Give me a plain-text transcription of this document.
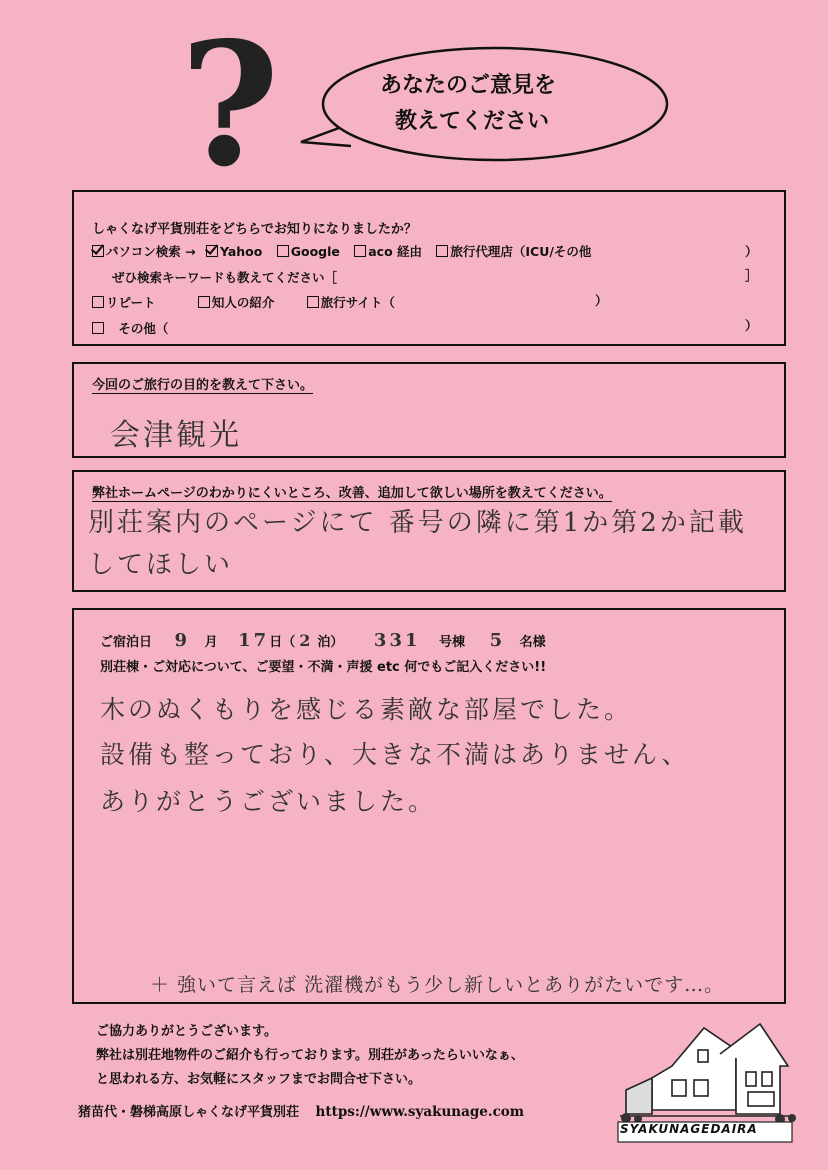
?	あなたのご意見を
教えてください
しゃくなげ平貨別荘をどちらでお知りになりましたか？
パソコン検索 → Yahoo Google aco 経由 旅行代理店（ICU/その他	）
ぜひ検索キーワードも教えてください［	］
リピート	知人の紹介	旅行サイト（	）
その他（	）
今回のご旅行の目的を教えて下さい。
会津観光
弊社ホームページのわかりにくいところ、改善、追加して欲しい場所を教えてください。
別荘案内のページにて 番号の隣に第1か第2か記載
してほしい
ご宿泊日 9 月 17日（ 2 泊） 331 号棟 5 名様
別荘棟・ご対応について、ご要望・不満・声援 etc 何でもご記入ください!!
木のぬくもりを感じる素敵な部屋でした。
設備も整っており、大きな不満はありません、
ありがとうございました。
＋ 強いて言えば 洗濯機がもう少し新しいとありがたいです…。
ご協力ありがとうございます。
弊社は別荘地物件のご紹介も行っております。別荘があったらいいなぁ、
と思われる方、お気軽にスタッフまでお問合せ下さい。
猪苗代・磐梯高原しゃくなげ平貨別荘 https://www.syakunage.com
SYAKUNAGEDAIRA
